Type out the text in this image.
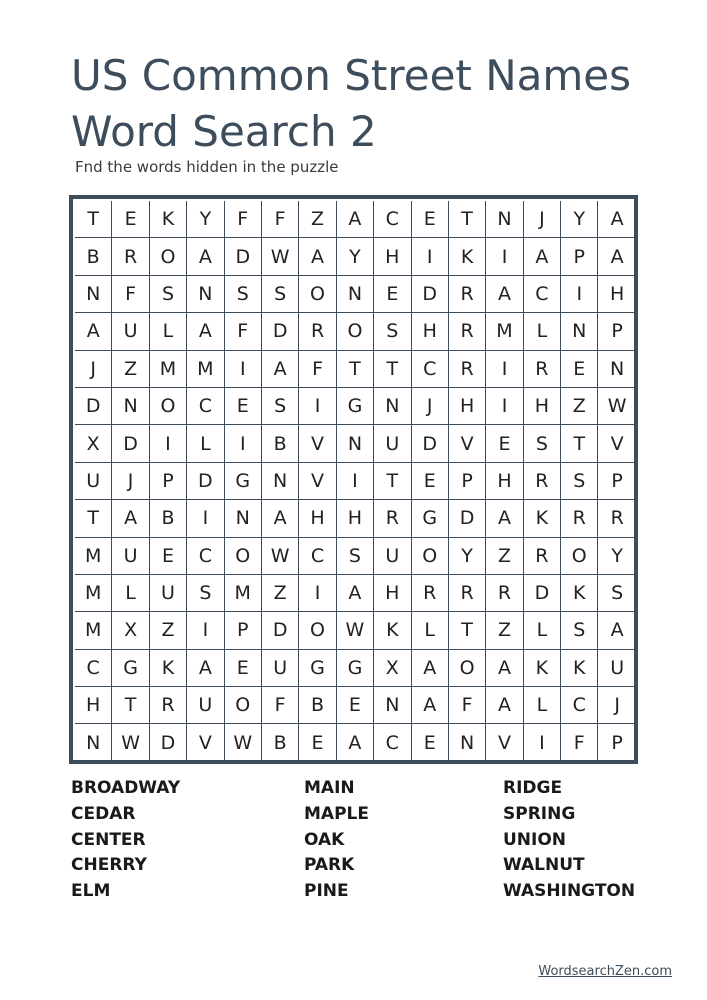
US Common Street Names Word Search 2
Fnd the words hidden in the puzzle
T	E	K	Y	F	F	Z	A	C	E	T	N	J	Y	A
B	R	O	A	D	W	A	Y	H	I	K	I	A	P	A
N	F	S	N	S	S	O	N	E	D	R	A	C	I	H
A	U	L	A	F	D	R	O	S	H	R	M	L	N	P
J	Z	M	M	I	A	F	T	T	C	R	I	R	E	N
D	N	O	C	E	S	I	G	N	J	H	I	H	Z	W
X	D	I	L	I	B	V	N	U	D	V	E	S	T	V
U	J	P	D	G	N	V	I	T	E	P	H	R	S	P
T	A	B	I	N	A	H	H	R	G	D	A	K	R	R
M	U	E	C	O	W	C	S	U	O	Y	Z	R	O	Y
M	L	U	S	M	Z	I	A	H	R	R	R	D	K	S
M	X	Z	I	P	D	O	W	K	L	T	Z	L	S	A
C	G	K	A	E	U	G	G	X	A	O	A	K	K	U
H	T	R	U	O	F	B	E	N	A	F	A	L	C	J
N	W	D	V	W	B	E	A	C	E	N	V	I	F	P
BROADWAY
CEDAR
CENTER
CHERRY
ELM
MAIN
MAPLE
OAK
PARK
PINE
RIDGE
SPRING
UNION
WALNUT
WASHINGTON
WordsearchZen.com
